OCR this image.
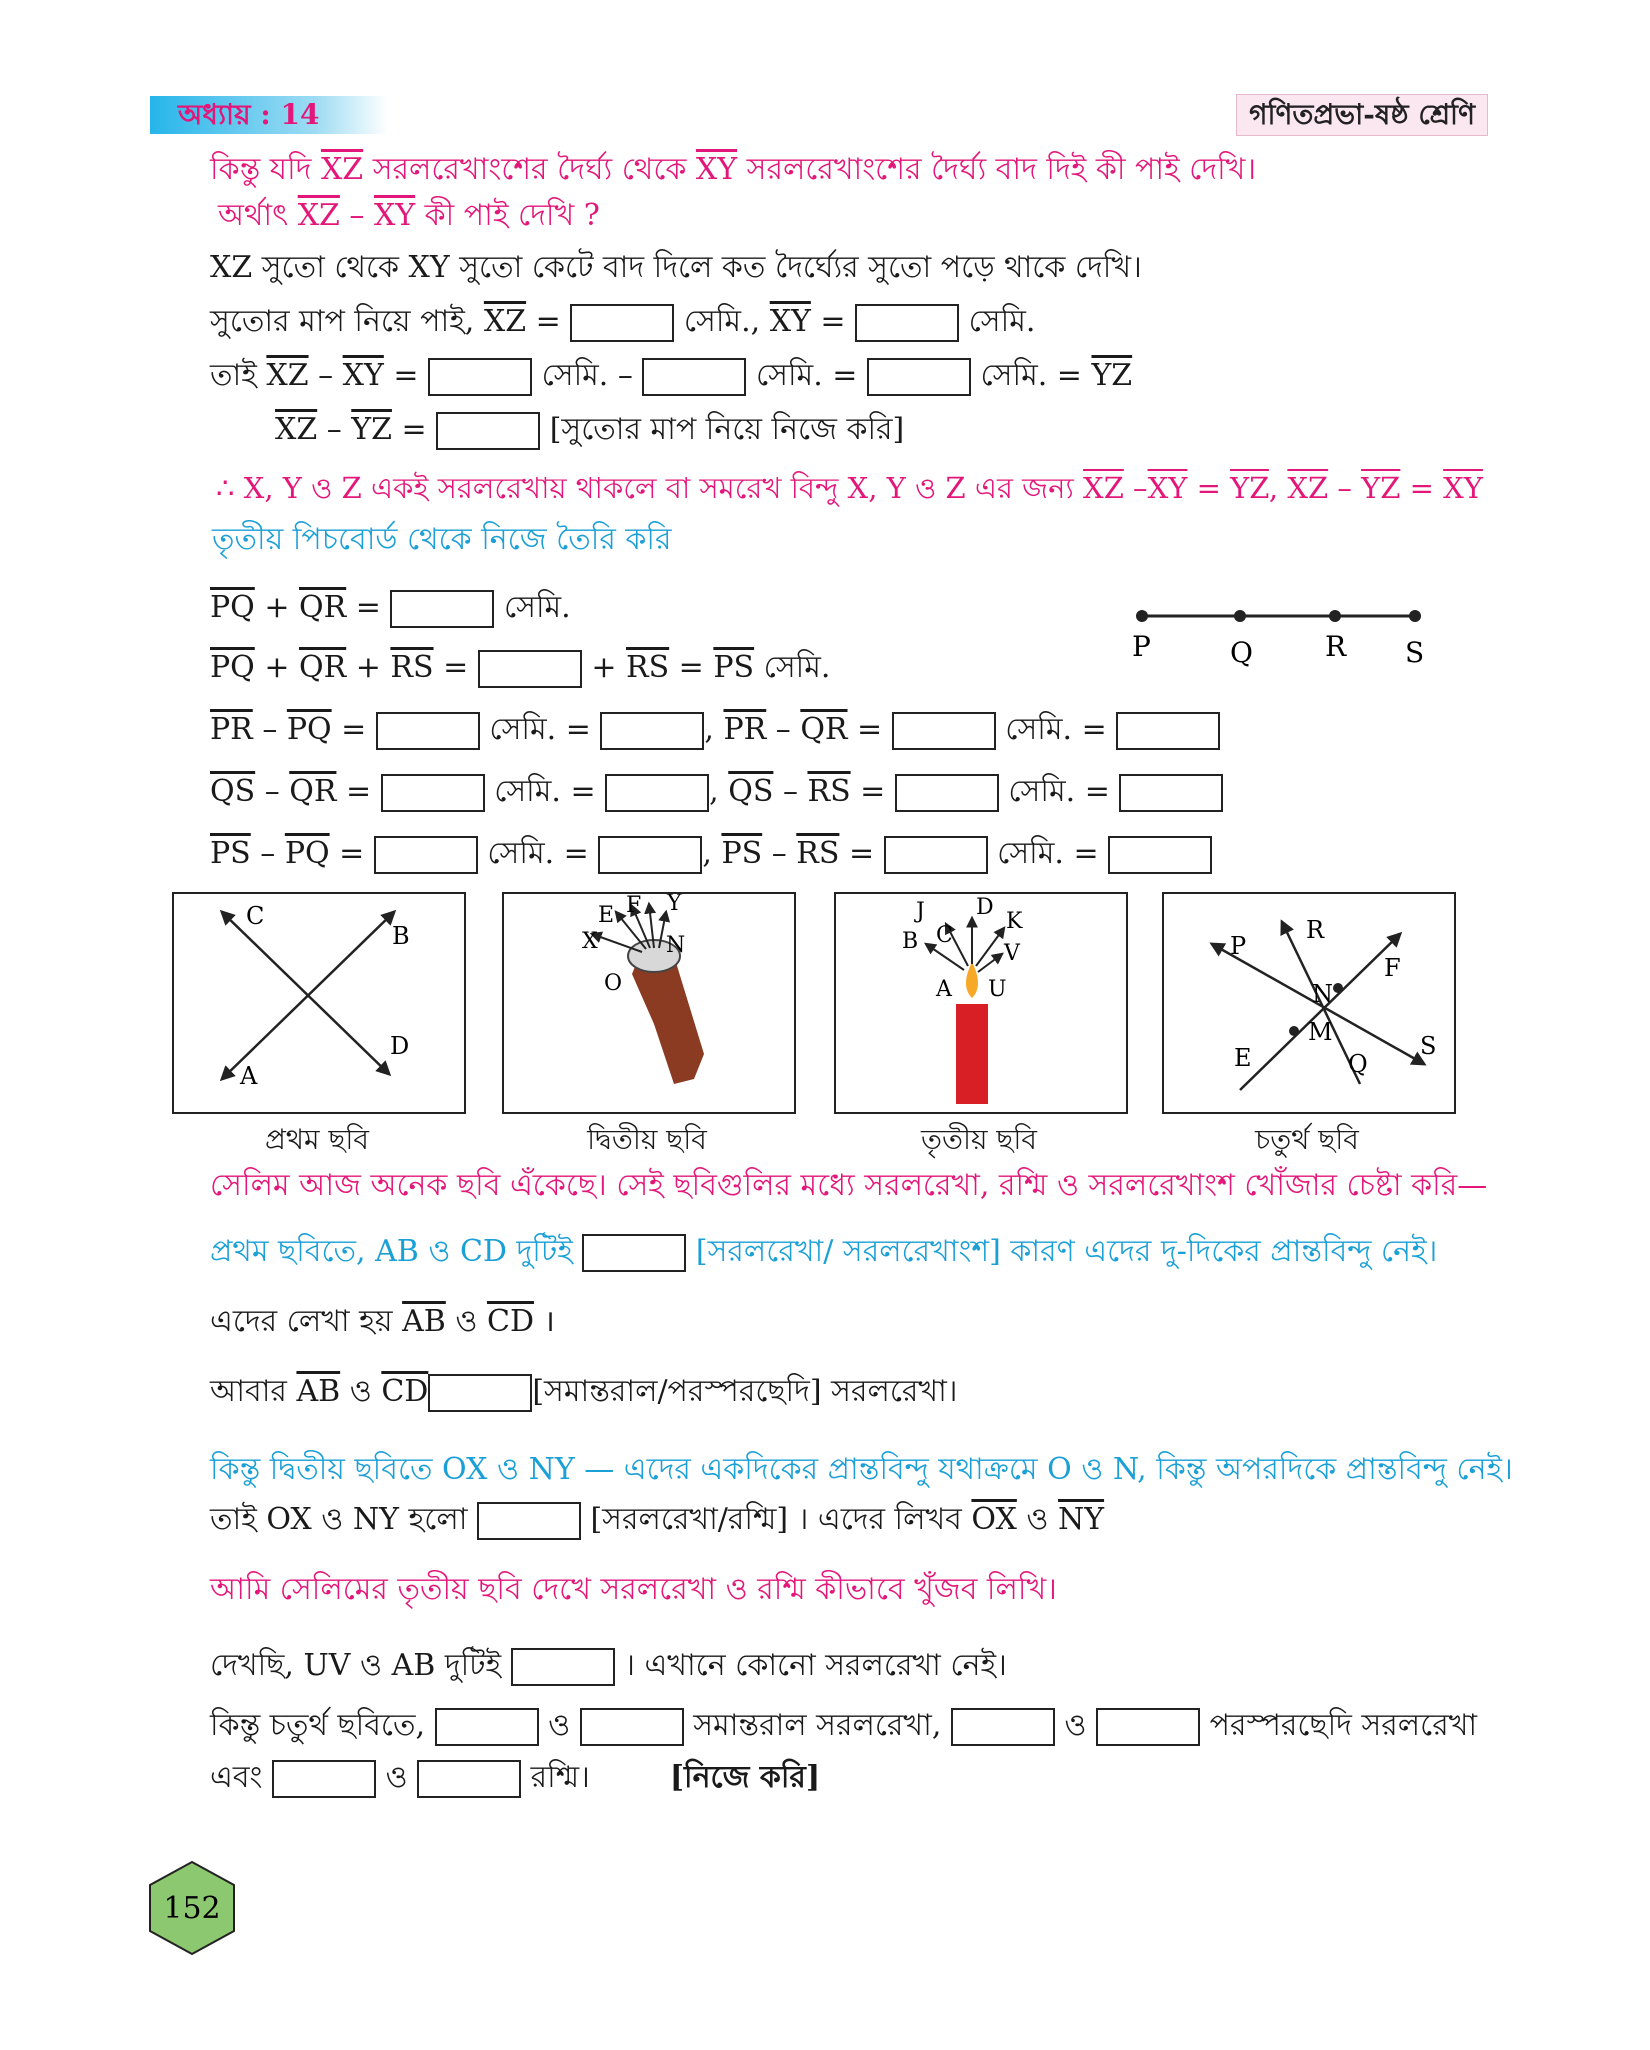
অধ্যায় : 14	গণিতপ্রভা-ষষ্ঠ শ্রেণি
কিন্তু যদি $\overline{XZ}$ সরলরেখাংশের দৈর্ঘ্য থেকে $\overline{XY}$ সরলরেখাংশের দৈর্ঘ্য বাদ দিই কী পাই দেখি।
অর্থাৎ $\overline{XZ} - \overline{XY}$ কী পাই দেখি ?
XZ সুতো থেকে XY সুতো কেটে বাদ দিলে কত দৈর্ঘ্যের সুতো পড়ে থাকে দেখি।
সুতোর মাপ নিয়ে পাই, $\overline{XZ}$ =	সেমি., $\overline{XY}$ =	সেমি.
তাই $\overline{XZ} - \overline{XY}$ =	সেমি. –	সেমি. =	সেমি. = $\overline{YZ}$
$\overline{XZ} - \overline{YZ}$ =	[সুতোর মাপ নিয়ে নিজে করি]
∴ X, Y ও Z একই সরলরেখায় থাকলে বা সমরেখ বিন্দু X, Y ও Z এর জন্য $\overline{XZ}$ $-\overline{XY} = \overline{YZ}$, $\overline{XZ} - \overline{YZ} = \overline{XY}$
তৃতীয় পিচবোর্ড থেকে নিজে তৈরি করি
$\overline{PQ} + \overline{QR}$ =	সেমি.
$\overline{PQ} + \overline{QR} + \overline{RS}$ =	+ $\overline{RS} = \overline{PS}$ সেমি.
P	Q	R S
$\overline{PR} - \overline{PQ}$ =	সেমি. =	, $\overline{PR} - \overline{QR}$ =	সেমি. =
$\overline{QS} - \overline{QR}$ =	সেমি. =	, $\overline{QS} - \overline{RS}$ =	সেমি. =
$\overline{PS} - \overline{PQ}$ =	সেমি. =	, $\overline{PS} - \overline{RS}$ =	সেমি. =
C
B
A
D
E F Y
X	N
O
J D
K
B C
V
A U
R
P
F
N
M
E	Q
S
প্রথম ছবি	দ্বিতীয় ছবি	তৃতীয় ছবি	চতুর্থ ছবি
সেলিম আজ অনেক ছবি এঁকেছে। সেই ছবিগুলির মধ্যে সরলরেখা, রশ্মি ও সরলরেখাংশ খোঁজার চেষ্টা করি—
প্রথম ছবিতে, AB ও CD দুটিই	[সরলরেখা/ সরলরেখাংশ] কারণ এদের দু-দিকের প্রান্তবিন্দু নেই।
এদের লেখা হয় $\overline{AB}$ ও $\overline{CD}$ ।
আবার $\overline{AB}$ ও $\overline{CD}$	[সমান্তরাল/পরস্পরছেদি] সরলরেখা।
কিন্তু দ্বিতীয় ছবিতে OX ও NY — এদের একদিকের প্রান্তবিন্দু যথাক্রমে O ও N, কিন্তু অপরদিকে প্রান্তবিন্দু নেই।
তাই OX ও NY হলো	[সরলরেখা/রশ্মি] । এদের লিখব $\overline{OX}$ ও $\overline{NY}$
আমি সেলিমের তৃতীয় ছবি দেখে সরলরেখা ও রশ্মি কীভাবে খুঁজব লিখি।
দেখছি, UV ও AB দুটিই	। এখানে কোনো সরলরেখা নেই।
কিন্তু চতুর্থ ছবিতে,	ও	সমান্তরাল সরলরেখা,	ও	পরস্পরছেদি সরলরেখা
এবং	ও	রশ্মি।	[নিজে করি]
152
